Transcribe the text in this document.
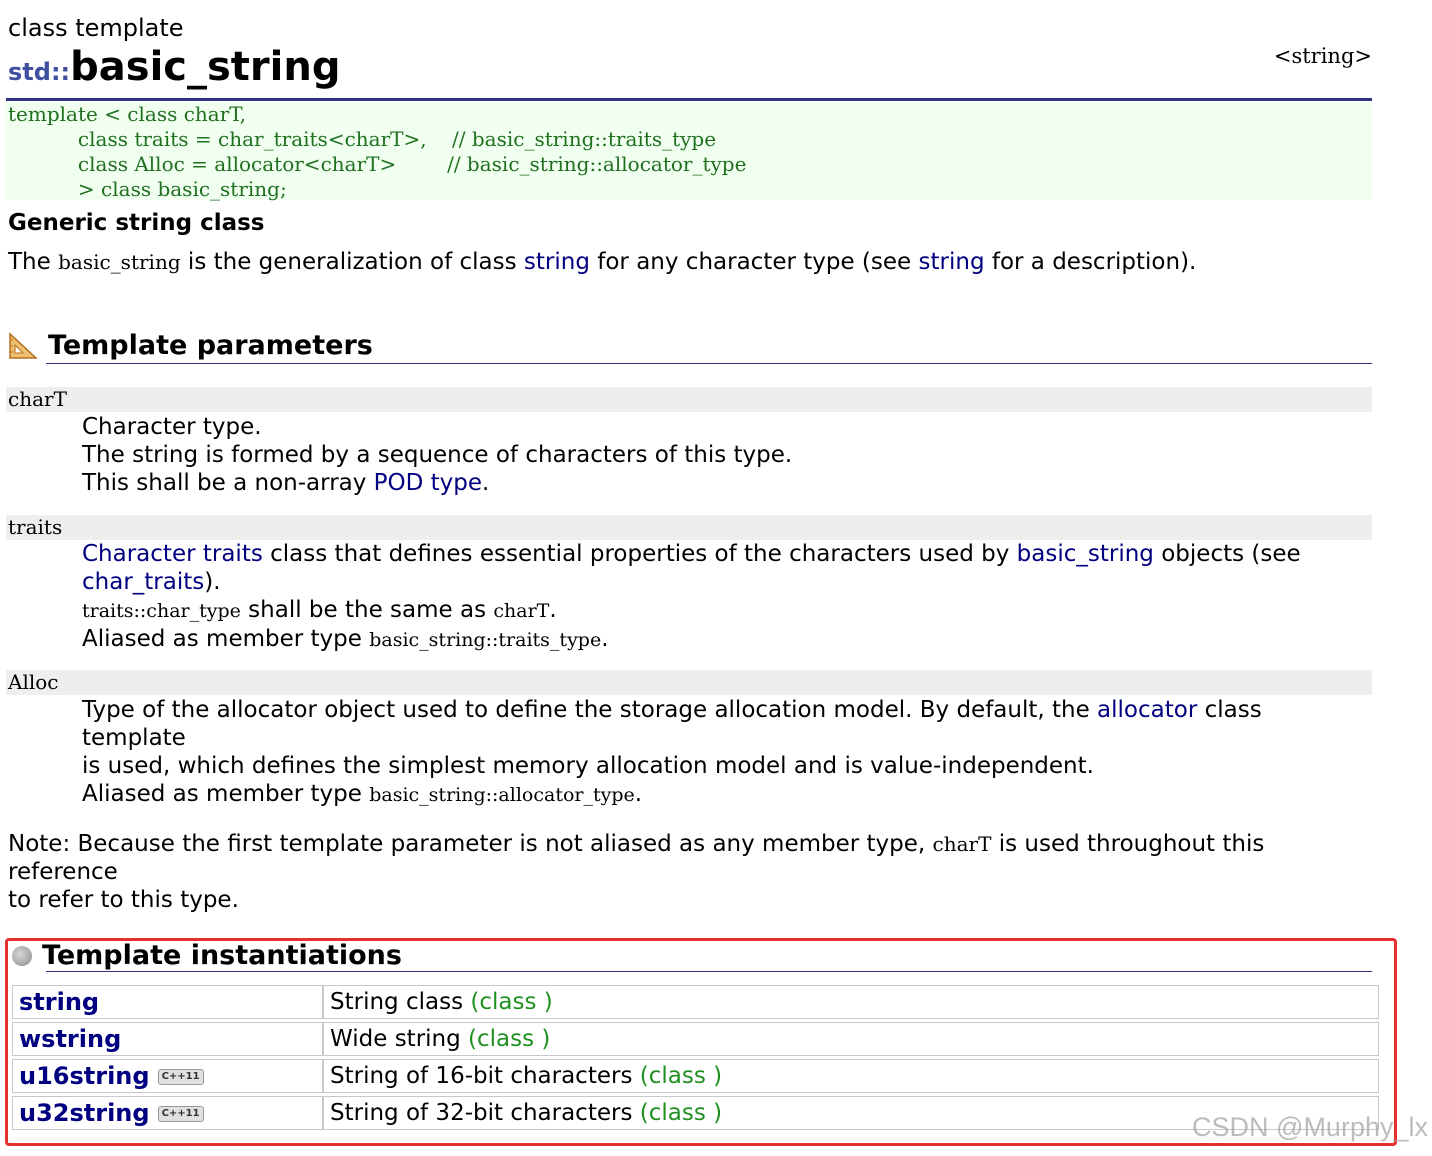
class template
std::basic_string	<string>
template < class charT,
class traits = char_traits<charT>,    // basic_string::traits_type
class Alloc = allocator<charT>        // basic_string::allocator_type
> class basic_string;
Generic string class
The basic_string is the generalization of class string for any character type (see string for a description).
Template parameters
charT
Character type.
The string is formed by a sequence of characters of this type.
This shall be a non-array POD type.
traits
Character traits class that defines essential properties of the characters used by basic_string objects (see
char_traits).
traits::char_type shall be the same as charT.
Aliased as member type basic_string::traits_type.
Alloc
Type of the allocator object used to define the storage allocation model. By default, the allocator class template
is used, which defines the simplest memory allocation model and is value-independent.
Aliased as member type basic_string::allocator_type.
Note: Because the first template parameter is not aliased as any member type, charT is used throughout this reference
to refer to this type.
Template instantiations
string	String class (class )
wstring	Wide string (class )
u16string C++11	String of 16-bit characters (class )
u32string C++11	String of 32-bit characters (class )	CSDN @Murphy_lx
